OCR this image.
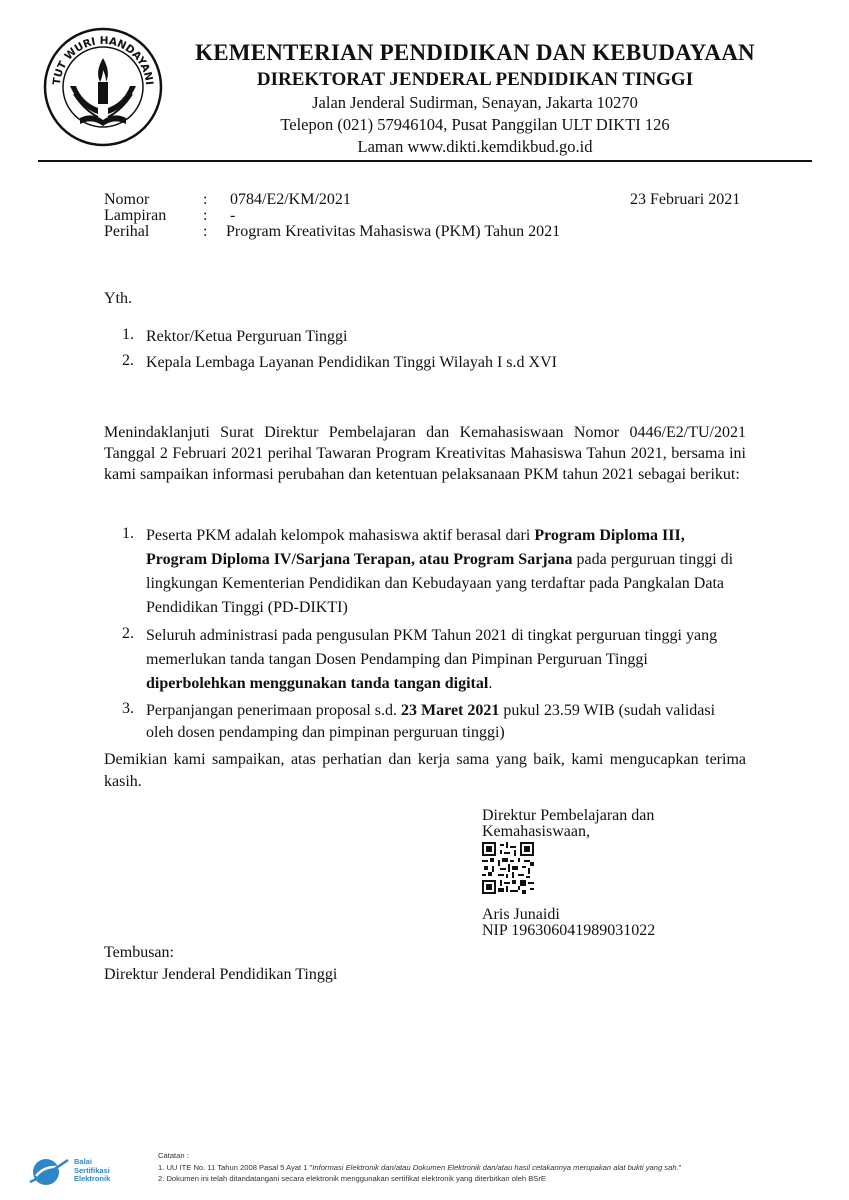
TUT WURI HANDAYANI
KEMENTERIAN PENDIDIKAN DAN KEBUDAYAAN
DIREKTORAT JENDERAL PENDIDIKAN TINGGI
Jalan Jenderal Sudirman, Senayan, Jakarta 10270
Telepon (021) 57946104, Pusat Panggilan ULT DIKTI 126
Laman www.dikti.kemdikbud.go.id
Nomor	: 0784/E2/KM/2021	23 Februari 2021
Lampiran : -
Perihal	: Program Kreativitas Mahasiswa (PKM) Tahun 2021
Yth.
1. Rektor/Ketua Perguruan Tinggi
2. Kepala Lembaga Layanan Pendidikan Tinggi Wilayah I s.d XVI
Menindaklanjuti Surat Direktur Pembelajaran dan Kemahasiswaan Nomor 0446/E2/TU/2021 Tanggal 2 Februari 2021 perihal Tawaran Program Kreativitas Mahasiswa Tahun 2021, bersama ini kami sampaikan informasi perubahan dan ketentuan pelaksanaan PKM tahun 2021 sebagai berikut:
1. Peserta PKM adalah kelompok mahasiswa aktif berasal dari Program Diploma III, Program Diploma IV/Sarjana Terapan, atau Program Sarjana pada perguruan tinggi di lingkungan Kementerian Pendidikan dan Kebudayaan yang terdaftar pada Pangkalan Data Pendidikan Tinggi (PD-DIKTI)
2. Seluruh administrasi pada pengusulan PKM Tahun 2021 di tingkat perguruan tinggi yang memerlukan tanda tangan Dosen Pendamping dan Pimpinan Perguruan Tinggi diperbolehkan menggunakan tanda tangan digital.
3. Perpanjangan penerimaan proposal s.d. 23 Maret 2021 pukul 23.59 WIB (sudah validasi oleh dosen pendamping dan pimpinan perguruan tinggi)
Demikian kami sampaikan, atas perhatian dan kerja sama yang baik, kami mengucapkan terima kasih.
Direktur Pembelajaran dan
Kemahasiswaan,
Aris Junaidi
NIP 196306041989031022
Tembusan:
Direktur Jenderal Pendidikan Tinggi
Balai
Sertifikasi
Elektronik
Catatan :
1. UU ITE No. 11 Tahun 2008 Pasal 5 Ayat 1 "Informasi Elektronik dan/atau Dokumen Elektronik dan/atau hasil cetakannya merupakan alat bukti yang sah."
2. Dokumen ini telah ditandatangani secara elektronik menggunakan sertifikat elektronik yang diterbitkan oleh BSrE
